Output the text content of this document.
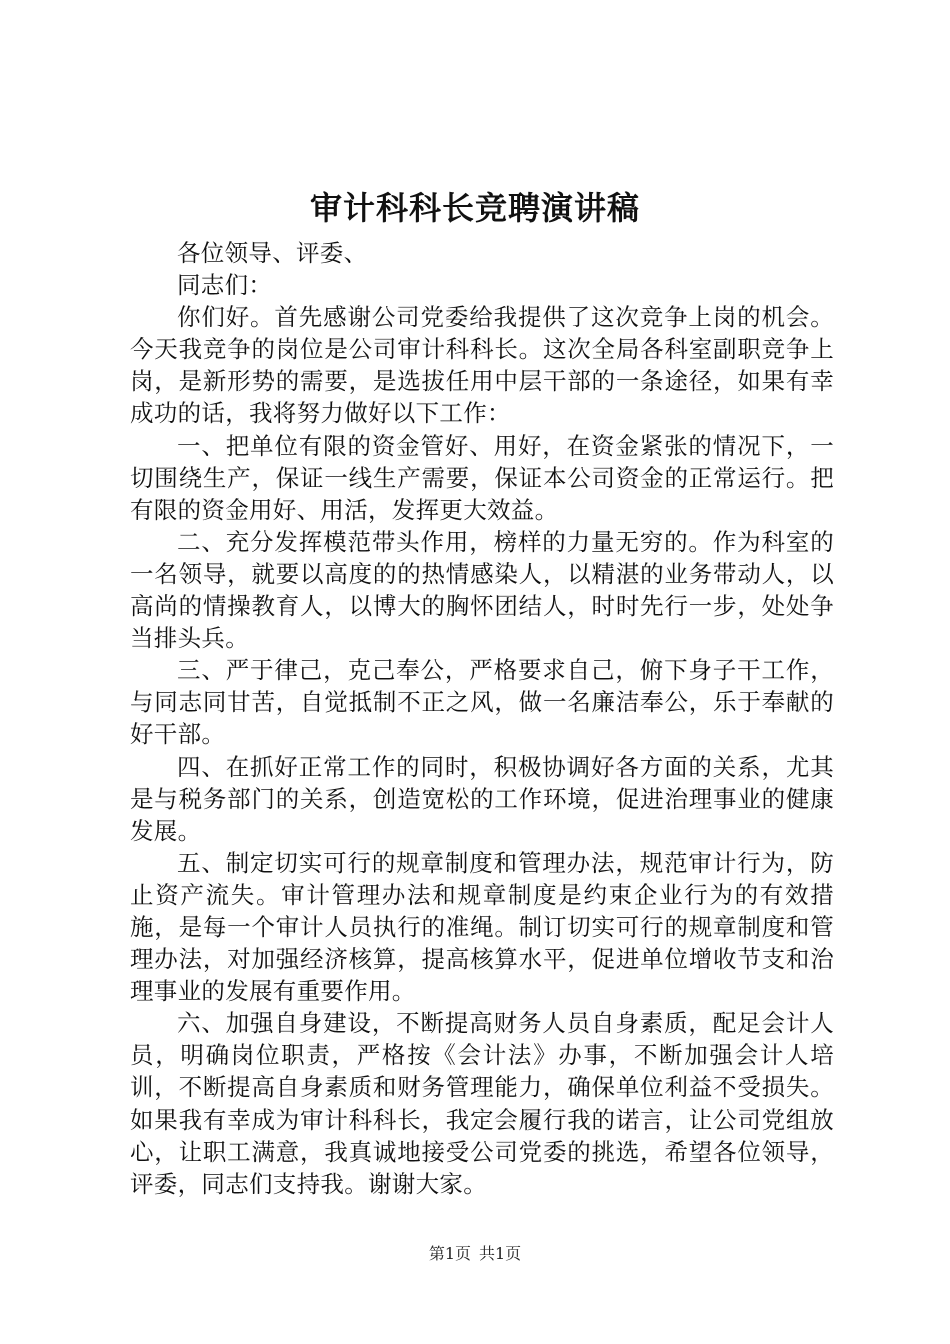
审计科科长竞聘演讲稿

各位领导、评委、

同志们：

你们好。首先感谢公司党委给我提供了这次竞争上岗的机会。今天我竞争的岗位是公司审计科科长。这次全局各科室副职竞争上岗，是新形势的需要，是选拔任用中层干部的一条途径，如果有幸成功的话，我将努力做好以下工作：

一、把单位有限的资金管好、用好，在资金紧张的情况下，一切围绕生产，保证一线生产需要，保证本公司资金的正常运行。把有限的资金用好、用活，发挥更大效益。

二、充分发挥模范带头作用，榜样的力量无穷的。作为科室的一名领导，就要以高度的的热情感染人，以精湛的业务带动人，以高尚的情操教育人，以博大的胸怀团结人，时时先行一步，处处争当排头兵。

三、严于律己，克己奉公，严格要求自己，俯下身子干工作，与同志同甘苦，自觉抵制不正之风，做一名廉洁奉公，乐于奉献的好干部。

四、在抓好正常工作的同时，积极协调好各方面的关系，尤其是与税务部门的关系，创造宽松的工作环境，促进治理事业的健康发展。

五、制定切实可行的规章制度和管理办法，规范审计行为，防止资产流失。审计管理办法和规章制度是约束企业行为的有效措施，是每一个审计人员执行的准绳。制订切实可行的规章制度和管理办法，对加强经济核算，提高核算水平，促进单位增收节支和治理事业的发展有重要作用。

六、加强自身建设，不断提高财务人员自身素质，配足会计人员，明确岗位职责，严格按《会计法》办事，不断加强会计人培训，不断提高自身素质和财务管理能力，确保单位利益不受损失。如果我有幸成为审计科科长，我定会履行我的诺言，让公司党组放心，让职工满意，我真诚地接受公司党委的挑选，希望各位领导，评委，同志们支持我。谢谢大家。

第1页 共1页
